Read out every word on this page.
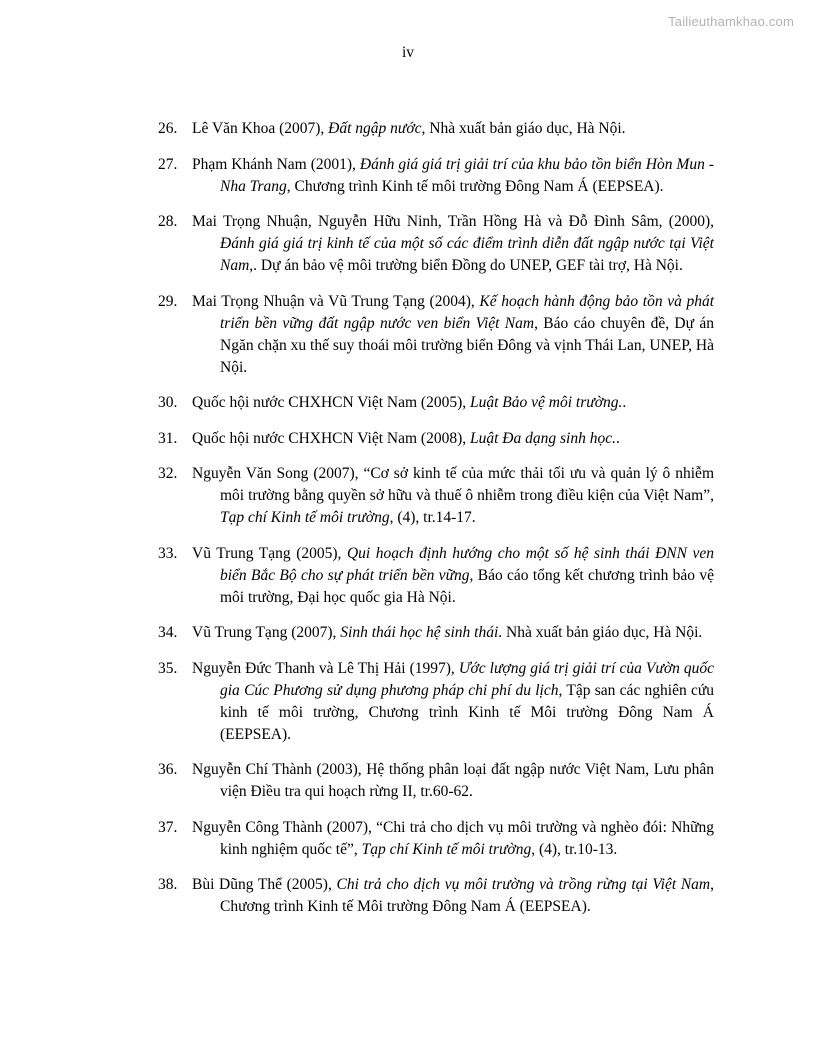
Tailieuthamkhao.com
iv
26. Lê Văn Khoa (2007), Đất ngập nước, Nhà xuất bản giáo dục, Hà Nội.
27. Phạm Khánh Nam (2001), Đánh giá giá trị giải trí của khu bảo tồn biển Hòn Mun - Nha Trang, Chương trình Kinh tế môi trường Đông Nam Á (EEPSEA).
28. Mai Trọng Nhuận, Nguyễn Hữu Ninh, Trần Hồng Hà và Đỗ Đình Sâm, (2000), Đánh giá giá trị kinh tế của một số các điểm trình diễn đất ngập nước tại Việt Nam,. Dự án bảo vệ môi trường biển Đồng do UNEP, GEF tài trợ, Hà Nội.
29. Mai Trọng Nhuận và Vũ Trung Tạng (2004), Kế hoạch hành động bảo tồn và phát triển bền vững đất ngập nước ven biển Việt Nam, Báo cáo chuyên đề, Dự án Ngăn chặn xu thế suy thoái môi trường biển Đông và vịnh Thái Lan, UNEP, Hà Nội.
30. Quốc hội nước CHXHCN Việt Nam (2005), Luật Bảo vệ môi trường..
31. Quốc hội nước CHXHCN Việt Nam (2008), Luật Đa dạng sinh học..
32. Nguyễn Văn Song (2007), “Cơ sở kinh tế của mức thải tối ưu và quản lý ô nhiễm môi trường bằng quyền sở hữu và thuế ô nhiễm trong điều kiện của Việt Nam”, Tạp chí Kinh tế môi trường, (4), tr.14-17.
33. Vũ Trung Tạng (2005), Qui hoạch định hướng cho một số hệ sinh thái ĐNN ven biển Bắc Bộ cho sự phát triển bền vững, Báo cáo tổng kết chương trình bảo vệ môi trường, Đại học quốc gia Hà Nội.
34. Vũ Trung Tạng (2007), Sinh thái học hệ sinh thái. Nhà xuất bản giáo dục, Hà Nội.
35. Nguyễn Đức Thanh và Lê Thị Hải (1997), Ước lượng giá trị giải trí của Vườn quốc gia Cúc Phương sử dụng phương pháp chi phí du lịch, Tập san các nghiên cứu kinh tế môi trường, Chương trình Kinh tế Môi trường Đông Nam Á (EEPSEA).
36. Nguyễn Chí Thành (2003), Hệ thống phân loại đất ngập nước Việt Nam, Lưu phân viện Điều tra qui hoạch rừng II, tr.60-62.
37. Nguyễn Công Thành (2007), “Chi trả cho dịch vụ môi trường và nghèo đói: Những kinh nghiệm quốc tế”, Tạp chí Kinh tế môi trường, (4), tr.10-13.
38. Bùi Dũng Thể (2005), Chi trả cho dịch vụ môi trường và trồng rừng tại Việt Nam, Chương trình Kinh tế Môi trường Đông Nam Á (EEPSEA).
